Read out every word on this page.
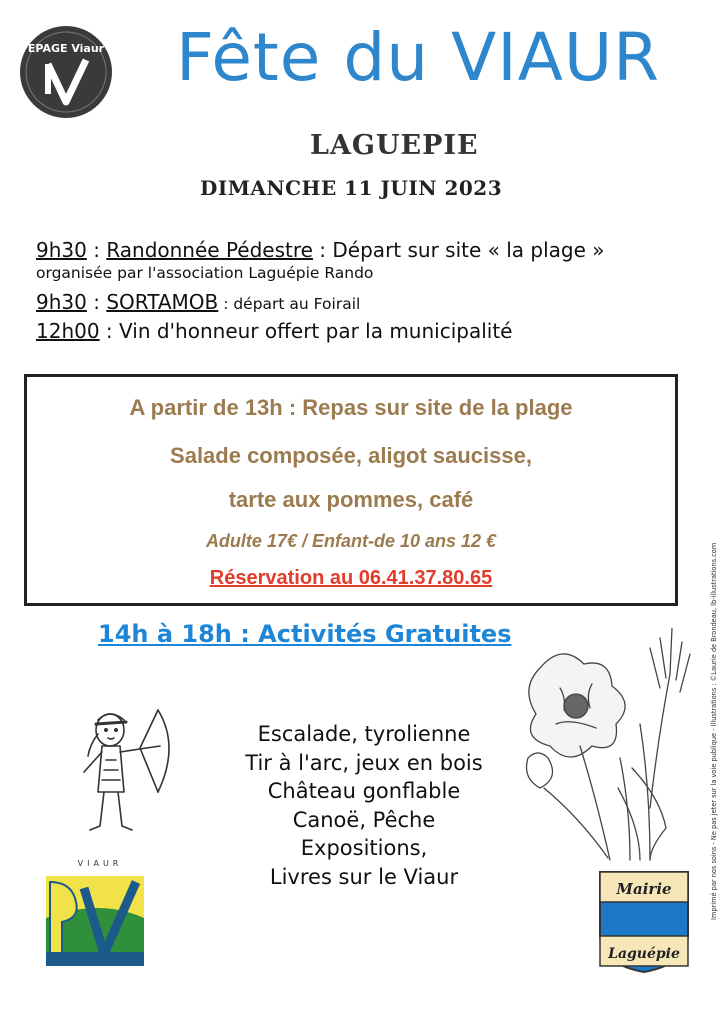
EPAGE Viaur	Fête du VIAUR
LAGUEPIE
DIMANCHE 11 JUIN 2023
9h30 : Randonnée Pédestre : Départ sur site « la plage »
organisée par l'association Laguépie Rando
9h30 : SORTAMOB : départ au Foirail
12h00 : Vin d'honneur offert par la municipalité
A partir de 13h : Repas sur site de la plage
Salade composée, aligot saucisse,
tarte aux pommes, café
Adulte 17€ / Enfant-de 10 ans 12 €
Réservation au 06.41.37.80.65
14h à 18h : Activités Gratuites
Escalade, tyrolienne
Tir à l'arc, jeux en bois
Château gonflable
Canoë, Pêche
Expositions,
Livres sur le Viaur
VIAUR
Mairie
Laguépie
Imprimé par nos soins - Ne pas jeter sur la voie publique - Illustrations : ©Laurie de Brondeau, lb-illustrations.com
